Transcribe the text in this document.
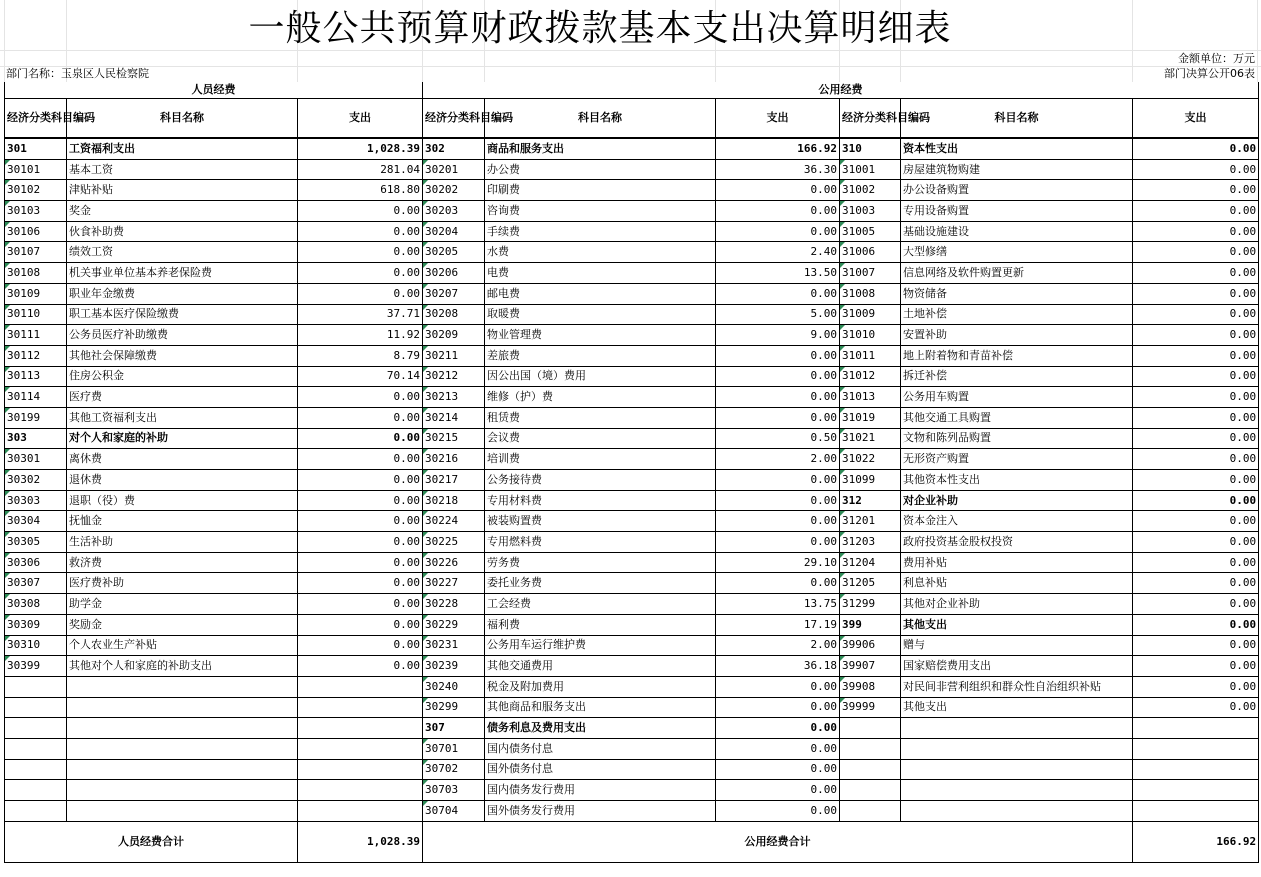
一般公共预算财政拨款基本支出决算明细表
金额单位：万元
部门名称：玉泉区人民检察院	部门决算公开06表
人员经费			公用经费					
经济分类科目编码	科目名称	支出	经济分类科目编码	科目名称	支出	经济分类科目编码	科目名称	支出
301	工资福利支出	1,028.39	302	商品和服务支出	166.92	310	资本性支出	0.00
30101	基本工资	281.04	30201	办公费	36.30	31001	房屋建筑物购建	0.00
30102	津贴补贴	618.80	30202	印刷费	0.00	31002	办公设备购置	0.00
30103	奖金	0.00	30203	咨询费	0.00	31003	专用设备购置	0.00
30106	伙食补助费	0.00	30204	手续费	0.00	31005	基础设施建设	0.00
30107	绩效工资	0.00	30205	水费	2.40	31006	大型修缮	0.00
30108	机关事业单位基本养老保险费	0.00	30206	电费	13.50	31007	信息网络及软件购置更新	0.00
30109	职业年金缴费	0.00	30207	邮电费	0.00	31008	物资储备	0.00
30110	职工基本医疗保险缴费	37.71	30208	取暖费	5.00	31009	土地补偿	0.00
30111	公务员医疗补助缴费	11.92	30209	物业管理费	9.00	31010	安置补助	0.00
30112	其他社会保障缴费	8.79	30211	差旅费	0.00	31011	地上附着物和青苗补偿	0.00
30113	住房公积金	70.14	30212	因公出国（境）费用	0.00	31012	拆迁补偿	0.00
30114	医疗费	0.00	30213	维修（护）费	0.00	31013	公务用车购置	0.00
30199	其他工资福利支出	0.00	30214	租赁费	0.00	31019	其他交通工具购置	0.00
303	对个人和家庭的补助	0.00	30215	会议费	0.50	31021	文物和陈列品购置	0.00
30301	离休费	0.00	30216	培训费	2.00	31022	无形资产购置	0.00
30302	退休费	0.00	30217	公务接待费	0.00	31099	其他资本性支出	0.00
30303	退职（役）费	0.00	30218	专用材料费	0.00	312	对企业补助	0.00
30304	抚恤金	0.00	30224	被装购置费	0.00	31201	资本金注入	0.00
30305	生活补助	0.00	30225	专用燃料费	0.00	31203	政府投资基金股权投资	0.00
30306	救济费	0.00	30226	劳务费	29.10	31204	费用补贴	0.00
30307	医疗费补助	0.00	30227	委托业务费	0.00	31205	利息补贴	0.00
30308	助学金	0.00	30228	工会经费	13.75	31299	其他对企业补助	0.00
30309	奖励金	0.00	30229	福利费	17.19	399	其他支出	0.00
30310	个人农业生产补贴	0.00	30231	公务用车运行维护费	2.00	39906	赠与	0.00
30399	其他对个人和家庭的补助支出	0.00	30239	其他交通费用	36.18	39907	国家赔偿费用支出	0.00
			30240	税金及附加费用	0.00	39908	对民间非营利组织和群众性自治组织补贴	0.00
			30299	其他商品和服务支出	0.00	39999	其他支出	0.00
			307	债务利息及费用支出	0.00			
			30701	国内债务付息	0.00			
			30702	国外债务付息	0.00			
			30703	国内债务发行费用	0.00			
			30704	国外债务发行费用	0.00			
人员经费合计		1,028.39	公用经费合计					166.92
